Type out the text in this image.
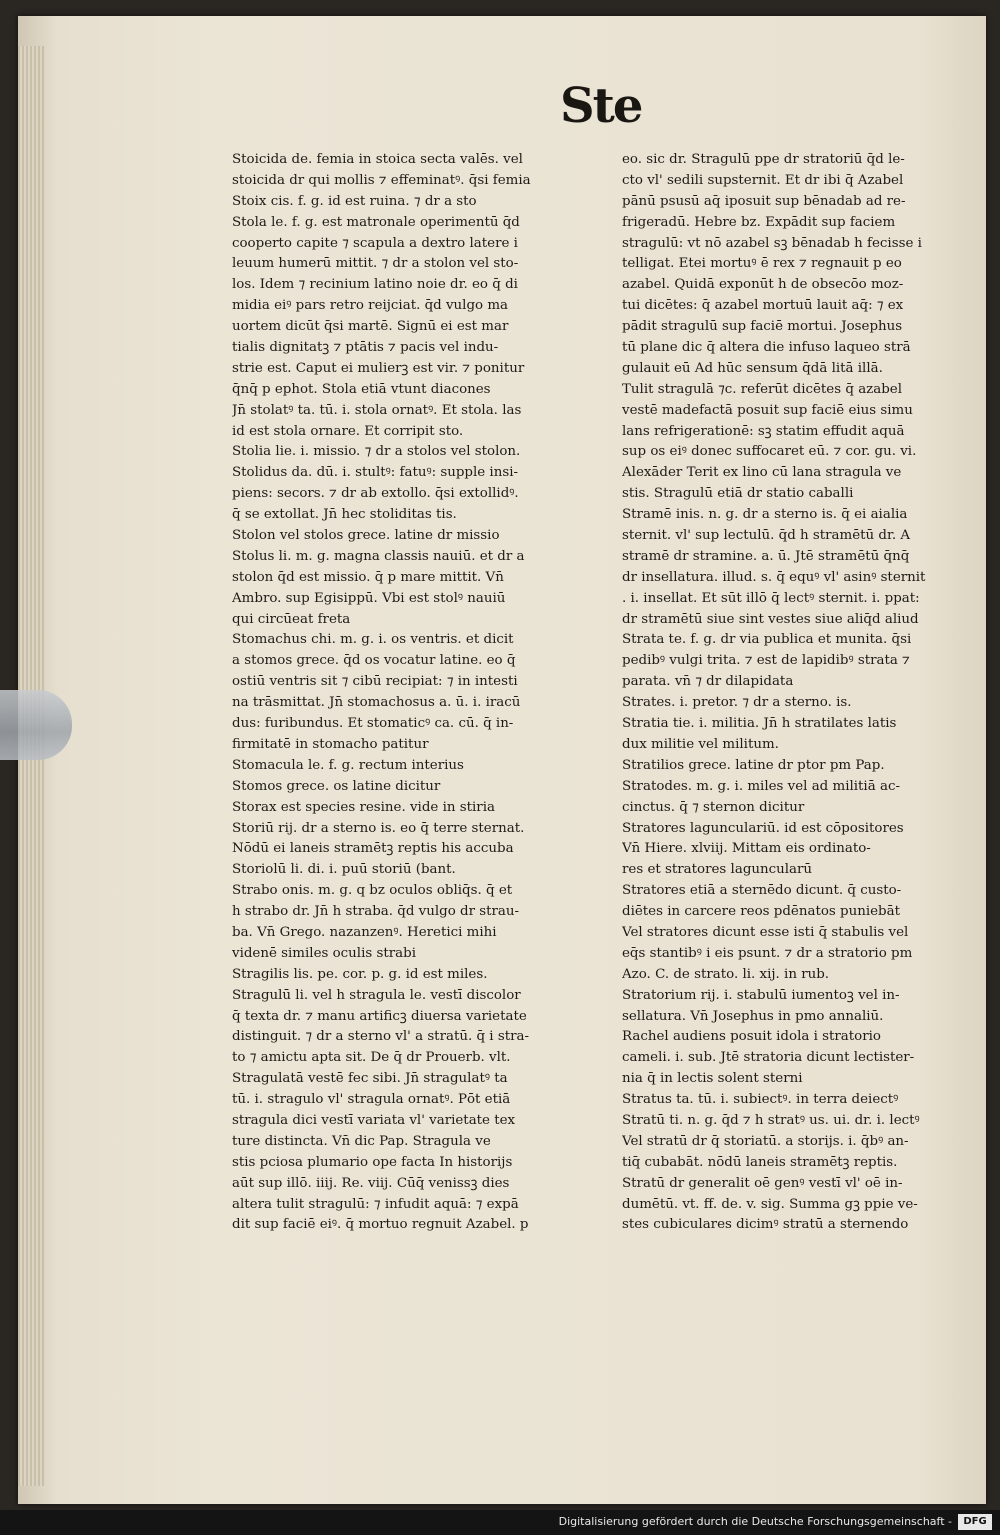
Ste
Stoicida de. femia in stoica secta valēs. vel
stoicida dr qui mollis ⁊ effeminatꝰ. q̄si femia
Stoix cis. f. g. id est ruina. ⁊ dr a sto
Stola le. f. g. est matronale operimentū q̄d
cooperto capite ⁊ scapula a dextro latere i
leuum humerū mittit. ⁊ dr a stolon vel sto-
los. Idem ⁊ recinium latino noie dr. eo q̄ di
midia eiꝰ pars retro reijciat. q̄d vulgo ma
uortem dicūt q̄si martē. Signū ei est mar
tialis dignitatꝫ ⁊ ptātis ⁊ pacis vel indu-
strie est. Caput ei mulierꝫ est vir. ⁊ ponitur
q̄nq̄ p ephot. Stola etiā vtunt diacones
Jn̄ stolatꝰ ta. tū. i. stola ornatꝰ. Et stola. las
id est stola ornare. Et corripit sto.
Stolia lie. i. missio. ⁊ dr a stolos vel stolon.
Stolidus da. dū. i. stultꝰ: fatuꝰ: supple insi-
piens: secors. ⁊ dr ab extollo. q̄si extollidꝰ.
q̄ se extollat. Jn̄ hec stoliditas tis.
Stolon vel stolos grece. latine dr missio
Stolus li. m. g. magna classis nauiū. et dr a
stolon q̄d est missio. q̄ p mare mittit. Vn̄
Ambro. sup Egisippū. Vbi est stolꝰ nauiū
qui circūeat freta
Stomachus chi. m. g. i. os ventris. et dicit
a stomos grece. q̄d os vocatur latine. eo q̄
ostiū ventris sit ⁊ cibū recipiat: ⁊ in intesti
na trāsmittat. Jn̄ stomachosus a. ū. i. iracū
dus: furibundus. Et stomaticꝰ ca. cū. q̄ in-
firmitatē in stomacho patitur
Stomacula le. f. g. rectum interius
Stomos grece. os latine dicitur
Storax est species resine. vide in stiria
Storiū rij. dr a sterno is. eo q̄ terre sternat.
Nōdū ei laneis stramētꝫ reptis his accuba
Storiolū li. di. i. puū storiū (bant.
Strabo onis. m. g. q bz oculos obliq̄s. q̄ et
h strabo dr. Jn̄ h straba. q̄d vulgo dr strau-
ba. Vn̄ Grego. nazanzenꝰ. Heretici mihi
videnē similes oculis strabi
Stragilis lis. pe. cor. p. g. id est miles.
Stragulū li. vel h stragula le. vestī discolor
q̄ texta dr. ⁊ manu artificꝫ diuersa varietate
distinguit. ⁊ dr a sterno vl' a stratū. q̄ i stra-
to ⁊ amictu apta sit. De q̄ dr Prouerb. vlt.
Stragulatā vestē fec sibi. Jn̄ stragulatꝰ ta
tū. i. stragulo vl' stragula ornatꝰ. Pōt etiā
stragula dici vestī variata vl' varietate tex
ture distincta. Vn̄ dic Pap. Stragula ve
stis pciosa plumario ope facta In historijs
aūt sup illō. iiij. Re. viij. Cūq̄ venissꝫ dies
altera tulit stragulū: ⁊ infudit aquā: ⁊ expā
dit sup faciē eiꝰ. q̄ mortuo regnuit Azabel. p
eo. sic dr. Stragulū ppe dr stratoriū q̄d le-
cto vl' sedili supsternit. Et dr ibi q̄ Azabel
pānū psusū aq̄ iposuit sup bēnadab ad re-
frigeradū. Hebre bz. Expādit sup faciem
stragulū: vt nō azabel sꝫ bēnadab h fecisse i
telligat. Etei mortuꝰ ē rex ⁊ regnauit p eo
azabel. Quidā exponūt h de obsecōo moz-
tui dicētes: q̄ azabel mortuū lauit aq̄: ⁊ ex
pādit stragulū sup faciē mortui. Josephus
tū plane dic q̄ altera die infuso laqueo strā
gulauit eū Ad hūc sensum q̄dā litā illā.
Tulit stragulā ⁊c. referūt dicētes q̄ azabel
vestē madefactā posuit sup faciē eius simu
lans refrigerationē: sꝫ statim effudit aquā
sup os eiꝰ donec suffocaret eū. ⁊ cor. gu. vi.
Alexāder Terit ex lino cū lana stragula ve
stis. Stragulū etiā dr statio caballi
Stramē inis. n. g. dr a sterno is. q̄ ei aialia
sternit. vl' sup lectulū. q̄d h stramētū dr. A
stramē dr stramine. a. ū. Jtē stramētū q̄nq̄
dr insellatura. illud. s. q̄ equꝰ vl' asinꝰ sternit
. i. insellat. Et sūt illō q̄ lectꝰ sternit. i. ppat:
dr stramētū siue sint vestes siue aliq̄d aliud
Strata te. f. g. dr via publica et munita. q̄si
pedibꝰ vulgi trita. ⁊ est de lapidibꝰ strata ⁊
parata. vn̄ ⁊ dr dilapidata
Strates. i. pretor. ⁊ dr a sterno. is.
Stratia tie. i. militia. Jn̄ h stratilates latis
dux militie vel militum.
Stratilios grece. latine dr ptor pm Pap.
Stratodes. m. g. i. miles vel ad militiā ac-
cinctus. q̄ ⁊ sternon dicitur
Stratores lagunculariū. id est cōpositores
Vn̄ Hiere. xlviij. Mittam eis ordinato-
res et stratores laguncularū
Stratores etiā a sternēdo dicunt. q̄ custo-
diētes in carcere reos pdēnatos puniebāt
Vel stratores dicunt esse isti q̄ stabulis vel
eq̄s stantibꝰ i eis psunt. ⁊ dr a stratorio pm
Azo. C. de strato. li. xij. in rub.
Stratorium rij. i. stabulū iumentoꝫ vel in-
sellatura. Vn̄ Josephus in pmo annaliū.
Rachel audiens posuit idola i stratorio
cameli. i. sub. Jtē stratoria dicunt lectister-
nia q̄ in lectis solent sterni
Stratus ta. tū. i. subiectꝰ. in terra deiectꝰ
Stratū ti. n. g. q̄d ⁊ h stratꝰ us. ui. dr. i. lectꝰ
Vel stratū dr q̄ storiatū. a storijs. i. q̄bꝰ an-
tiq̄ cubabāt. nōdū laneis stramētꝫ reptis.
Stratū dr generalit oē genꝰ vestī vl' oē in-
dumētū. vt. ff. de. v. sig. Summa gꝫ ppie ve-
stes cubiculares dicimꝰ stratū a sternendo
Digitalisierung gefördert durch die Deutsche Forschungsgemeinschaft -	DFG
